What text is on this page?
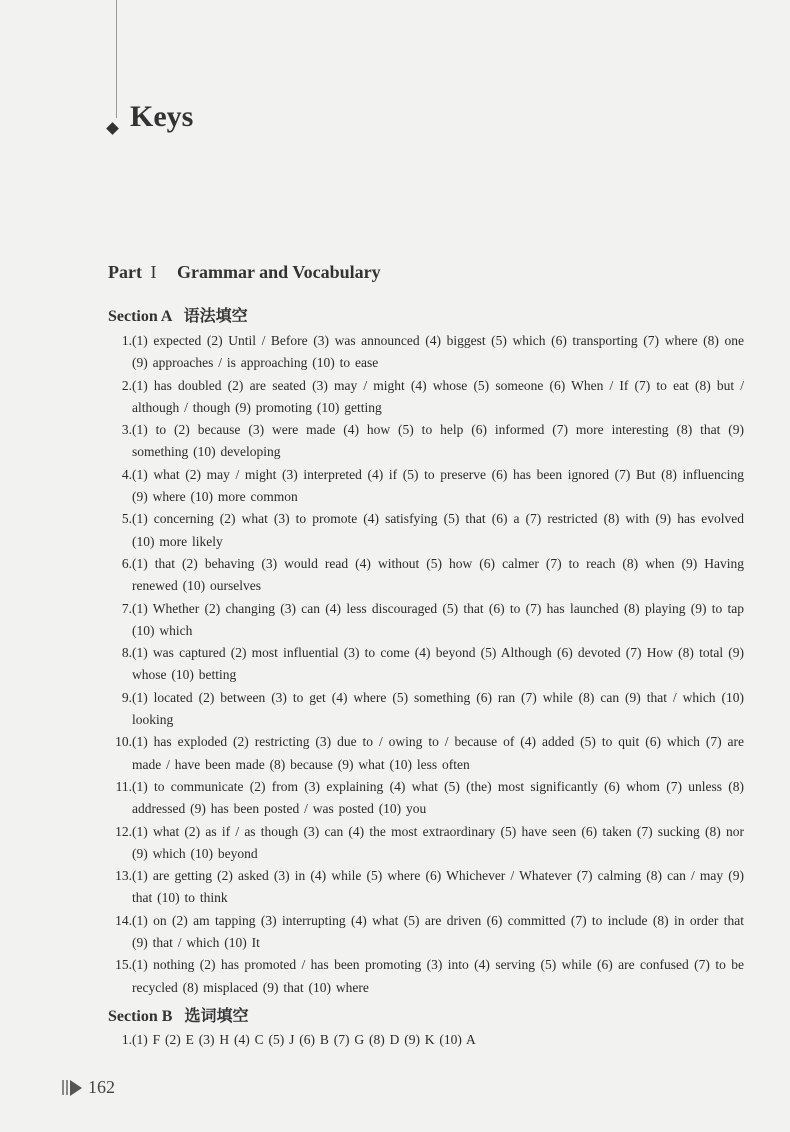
Keys
Part I Grammar and Vocabulary
Section A 语法填空
1. (1) expected (2) Until / Before (3) was announced (4) biggest (5) which (6) transporting (7) where (8) one (9) approaches / is approaching (10) to ease
2. (1) has doubled (2) are seated (3) may / might (4) whose (5) someone (6) When / If (7) to eat (8) but / although / though (9) promoting (10) getting
3. (1) to (2) because (3) were made (4) how (5) to help (6) informed (7) more interesting (8) that (9) something (10) developing
4. (1) what (2) may / might (3) interpreted (4) if (5) to preserve (6) has been ignored (7) But (8) influencing (9) where (10) more common
5. (1) concerning (2) what (3) to promote (4) satisfying (5) that (6) a (7) restricted (8) with (9) has evolved (10) more likely
6. (1) that (2) behaving (3) would read (4) without (5) how (6) calmer (7) to reach (8) when (9) Having renewed (10) ourselves
7. (1) Whether (2) changing (3) can (4) less discouraged (5) that (6) to (7) has launched (8) playing (9) to tap (10) which
8. (1) was captured (2) most influential (3) to come (4) beyond (5) Although (6) devoted (7) How (8) total (9) whose (10) betting
9. (1) located (2) between (3) to get (4) where (5) something (6) ran (7) while (8) can (9) that / which (10) looking
10. (1) has exploded (2) restricting (3) due to / owing to / because of (4) added (5) to quit (6) which (7) are made / have been made (8) because (9) what (10) less often
11. (1) to communicate (2) from (3) explaining (4) what (5) (the) most significantly (6) whom (7) unless (8) addressed (9) has been posted / was posted (10) you
12. (1) what (2) as if / as though (3) can (4) the most extraordinary (5) have seen (6) taken (7) sucking (8) nor (9) which (10) beyond
13. (1) are getting (2) asked (3) in (4) while (5) where (6) Whichever / Whatever (7) calming (8) can / may (9) that (10) to think
14. (1) on (2) am tapping (3) interrupting (4) what (5) are driven (6) committed (7) to include (8) in order that (9) that / which (10) It
15. (1) nothing (2) has promoted / has been promoting (3) into (4) serving (5) while (6) are confused (7) to be recycled (8) misplaced (9) that (10) where
Section B 选词填空
1. (1) F (2) E (3) H (4) C (5) J (6) B (7) G (8) D (9) K (10) A
162
